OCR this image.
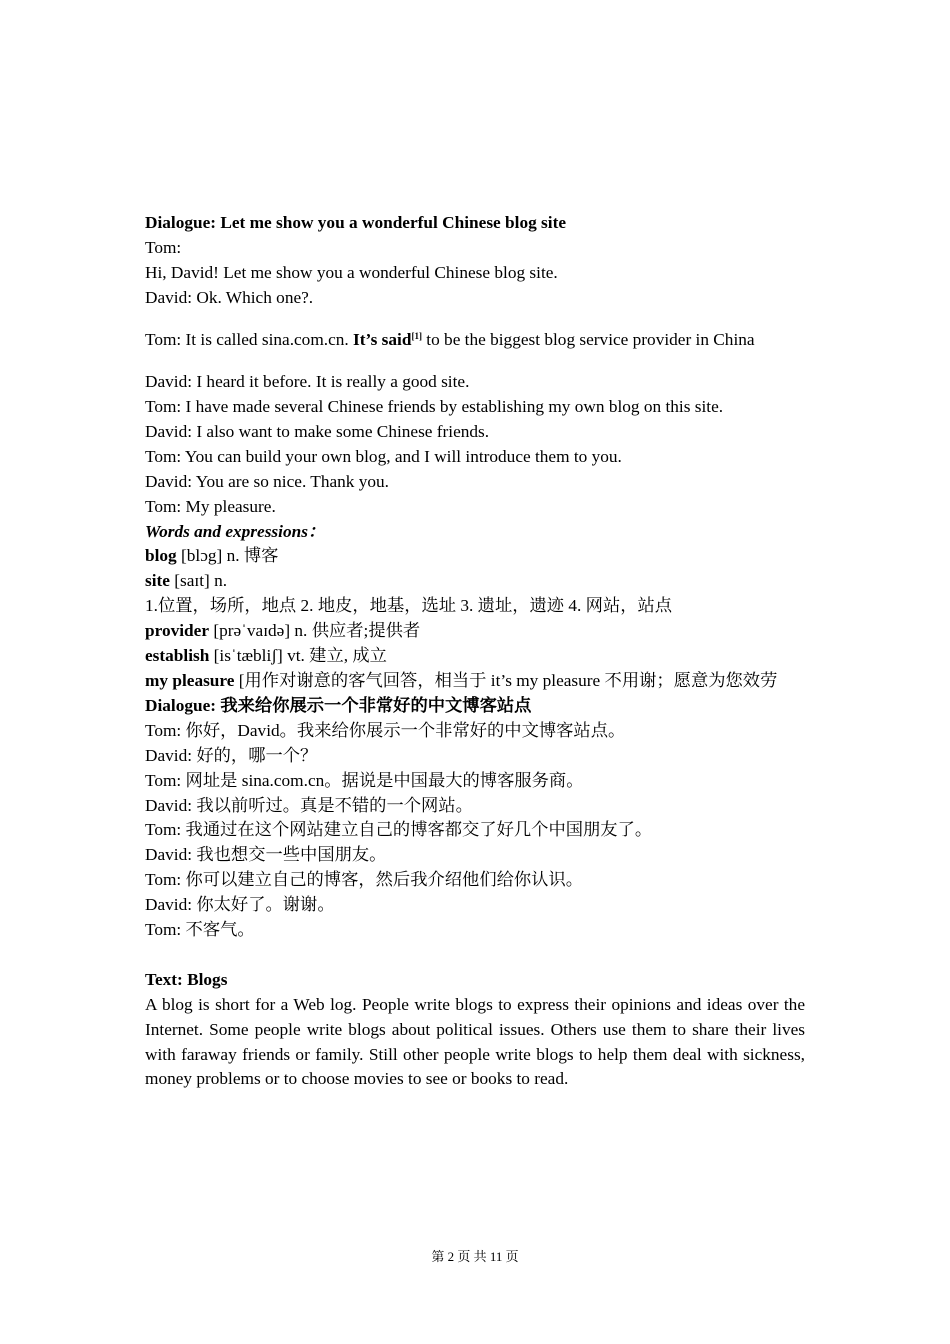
Dialogue: Let me show you a wonderful Chinese blog site

Tom:

Hi, David! Let me show you a wonderful Chinese blog site.

David: Ok. Which one?.

Tom: It is called sina.com.cn. It’s said[1] to be the biggest blog service provider in China

David: I heard it before. It is really a good site.

Tom: I have made several Chinese friends by establishing my own blog on this site.

David: I also want to make some Chinese friends.

Tom: You can build your own blog, and I will introduce them to you.

David: You are so nice. Thank you.

Tom: My pleasure.

Words and expressions：

blog [blɔg] n. 博客

site [saɪt] n.

1.位置，场所，地点 2. 地皮，地基，选址 3. 遗址，遗迹 4. 网站，站点

provider [prəˈvaɪdə] n. 供应者;提供者

establish [isˈtæbliʃ] vt. 建立, 成立

my pleasure [用作对谢意的客气回答，相当于 it’s my pleasure 不用谢；愿意为您效劳

Dialogue: 我来给你展示一个非常好的中文博客站点

Tom: 你好，David。我来给你展示一个非常好的中文博客站点。

David: 好的，哪一个？

Tom: 网址是 sina.com.cn。据说是中国最大的博客服务商。

David: 我以前听过。真是不错的一个网站。

Tom: 我通过在这个网站建立自己的博客都交了好几个中国朋友了。

David: 我也想交一些中国朋友。

Tom: 你可以建立自己的博客，然后我介绍他们给你认识。

David: 你太好了。谢谢。

Tom: 不客气。

Text: Blogs

A blog is short for a Web log. People write blogs to express their opinions and ideas over the Internet. Some people write blogs about political issues. Others use them to share their lives with faraway friends or family. Still other people write blogs to help them deal with sickness, money problems or to choose movies to see or books to read.

第 2 页 共 11 页
